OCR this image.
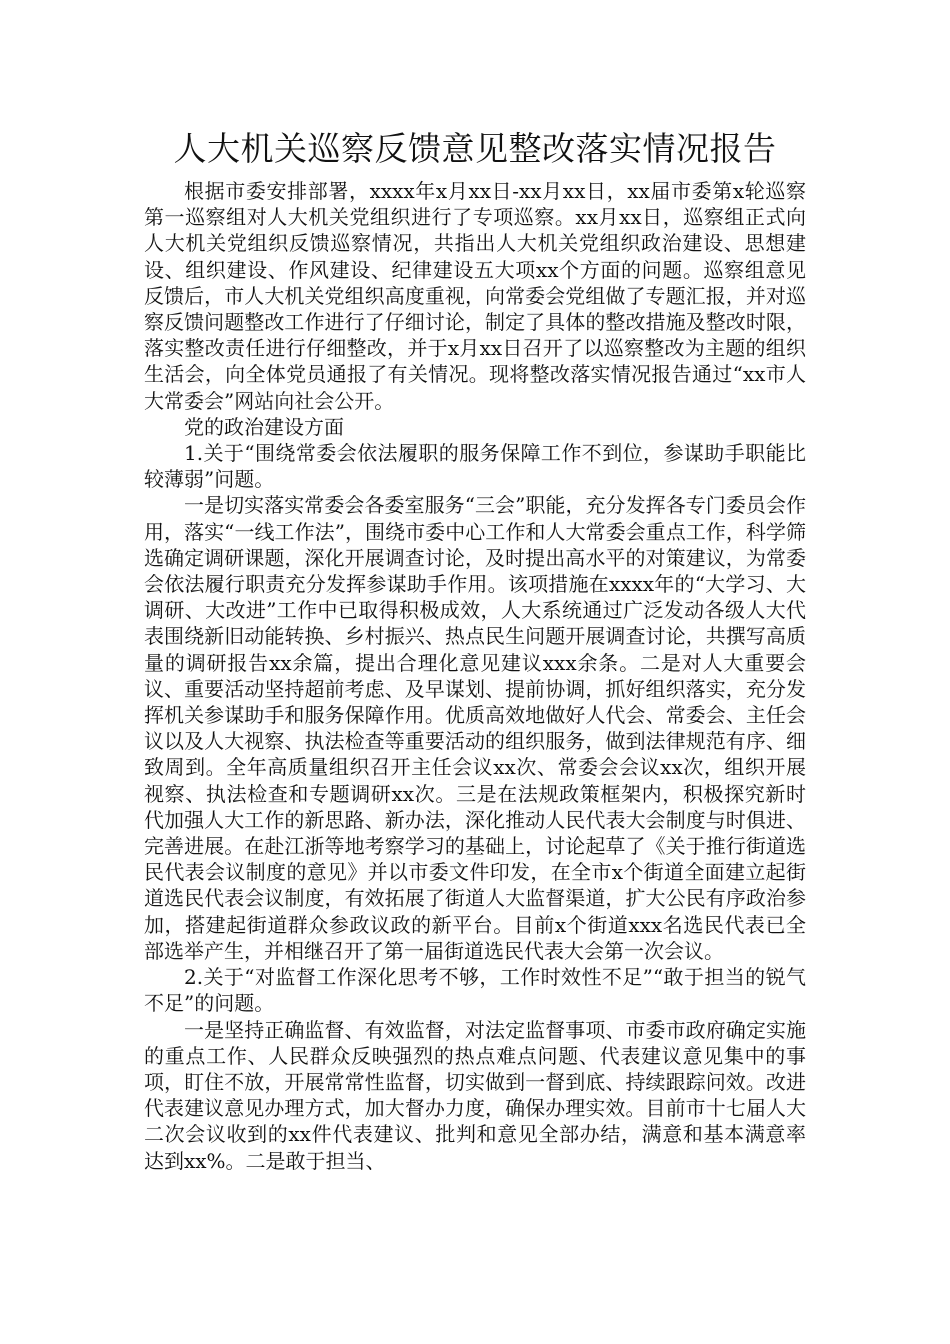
人大机关巡察反馈意见整改落实情况报告

根据市委安排部署，xxxx年x月xx日-xx月xx日，xx届市委第x轮巡察第一巡察组对人大机关党组织进行了专项巡察。xx月xx日，巡察组正式向人大机关党组织反馈巡察情况，共指出人大机关党组织政治建设、思想建设、组织建设、作风建设、纪律建设五大项xx个方面的问题。巡察组意见反馈后，市人大机关党组织高度重视，向常委会党组做了专题汇报，并对巡察反馈问题整改工作进行了仔细讨论，制定了具体的整改措施及整改时限，落实整改责任进行仔细整改，并于x月xx日召开了以巡察整改为主题的组织生活会，向全体党员通报了有关情况。现将整改落实情况报告通过“xx市人大常委会”网站向社会公开。

党的政治建设方面

1.关于“围绕常委会依法履职的服务保障工作不到位，参谋助手职能比较薄弱”问题。

一是切实落实常委会各委室服务“三会”职能，充分发挥各专门委员会作用，落实“一线工作法”，围绕市委中心工作和人大常委会重点工作，科学筛选确定调研课题，深化开展调查讨论，及时提出高水平的对策建议，为常委会依法履行职责充分发挥参谋助手作用。该项措施在xxxx年的“大学习、大调研、大改进”工作中已取得积极成效，人大系统通过广泛发动各级人大代表围绕新旧动能转换、乡村振兴、热点民生问题开展调查讨论，共撰写高质量的调研报告xx余篇，提出合理化意见建议xxx余条。二是对人大重要会议、重要活动坚持超前考虑、及早谋划、提前协调，抓好组织落实，充分发挥机关参谋助手和服务保障作用。优质高效地做好人代会、常委会、主任会议以及人大视察、执法检查等重要活动的组织服务，做到法律规范有序、细致周到。全年高质量组织召开主任会议xx次、常委会会议xx次，组织开展视察、执法检查和专题调研xx次。三是在法规政策框架内，积极探究新时代加强人大工作的新思路、新办法，深化推动人民代表大会制度与时俱进、完善进展。在赴江浙等地考察学习的基础上，讨论起草了《关于推行街道选民代表会议制度的意见》并以市委文件印发，在全市x个街道全面建立起街道选民代表会议制度，有效拓展了街道人大监督渠道，扩大公民有序政治参加，搭建起街道群众参政议政的新平台。目前x个街道xxx名选民代表已全部选举产生，并相继召开了第一届街道选民代表大会第一次会议。

2.关于“对监督工作深化思考不够，工作时效性不足”“敢于担当的锐气不足”的问题。

一是坚持正确监督、有效监督，对法定监督事项、市委市政府确定实施的重点工作、人民群众反映强烈的热点难点问题、代表建议意见集中的事项，盯住不放，开展常常性监督，切实做到一督到底、持续跟踪问效。改进代表建议意见办理方式，加大督办力度，确保办理实效。目前市十七届人大二次会议收到的xx件代表建议、批判和意见全部办结，满意和基本满意率达到xx%。二是敢于担当、
